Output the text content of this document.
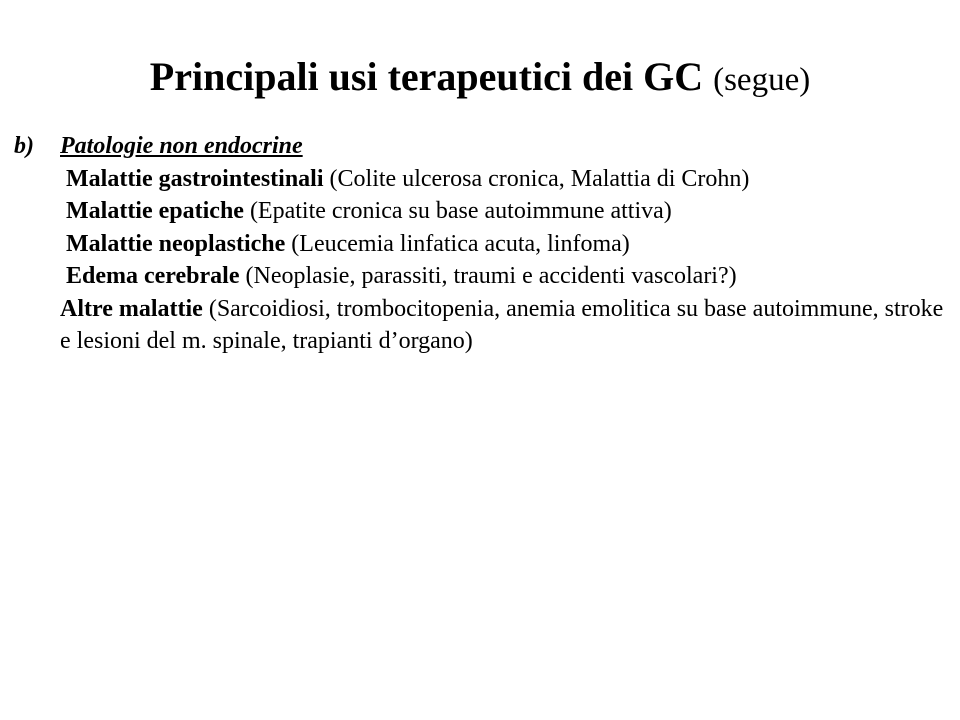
Principali usi terapeutici dei GC (segue)
b) Patologie non endocrine

Malattie gastrointestinali (Colite ulcerosa cronica, Malattia di Crohn)

Malattie epatiche (Epatite cronica su base autoimmune attiva)

Malattie neoplastiche (Leucemia linfatica acuta, linfoma)

Edema cerebrale (Neoplasie, parassiti, traumi e accidenti vascolari?)

Altre malattie (Sarcoidiosi, trombocitopenia, anemia emolitica su base autoimmune, stroke e lesioni del m. spinale, trapianti d’organo)
